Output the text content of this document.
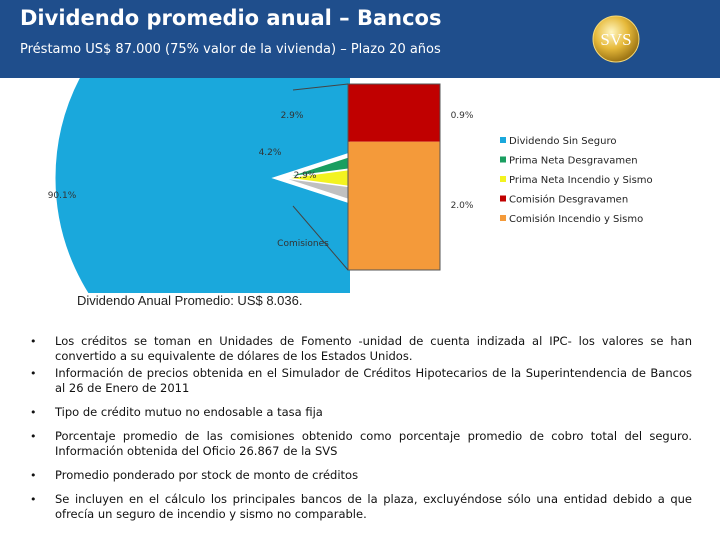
Dividendo promedio anual – Bancos
Préstamo US$ 87.000 (75% valor de la vivienda) – Plazo 20 años
SVS
0.9%
2.0%
Comisiones
Dividendo Sin Seguro
Prima Neta Desgravamen
Prima Neta Incendio y Sismo
Comisión Desgravamen
Comisión Incendio y Sismo
90.1%
2.9%
4.2%
2.9%
Dividendo Anual Promedio: US$ 8.036.
• Los créditos se toman en Unidades de Fomento -unidad de cuenta indizada al IPC- los valores se han convertido a su equivalente de dólares de los Estados Unidos.
• Información de precios obtenida en el Simulador de Créditos Hipotecarios de la Superintendencia de Bancos al 26 de Enero de 2011
• Tipo de crédito mutuo no endosable a tasa fija
• Porcentaje promedio de las comisiones obtenido como porcentaje promedio de cobro total del seguro. Información obtenida del Oficio 26.867 de la SVS
• Promedio ponderado por stock de monto de créditos
• Se incluyen en el cálculo los principales bancos de la plaza, excluyéndose sólo una entidad debido a que ofrecía un seguro de incendio y sismo no comparable.
